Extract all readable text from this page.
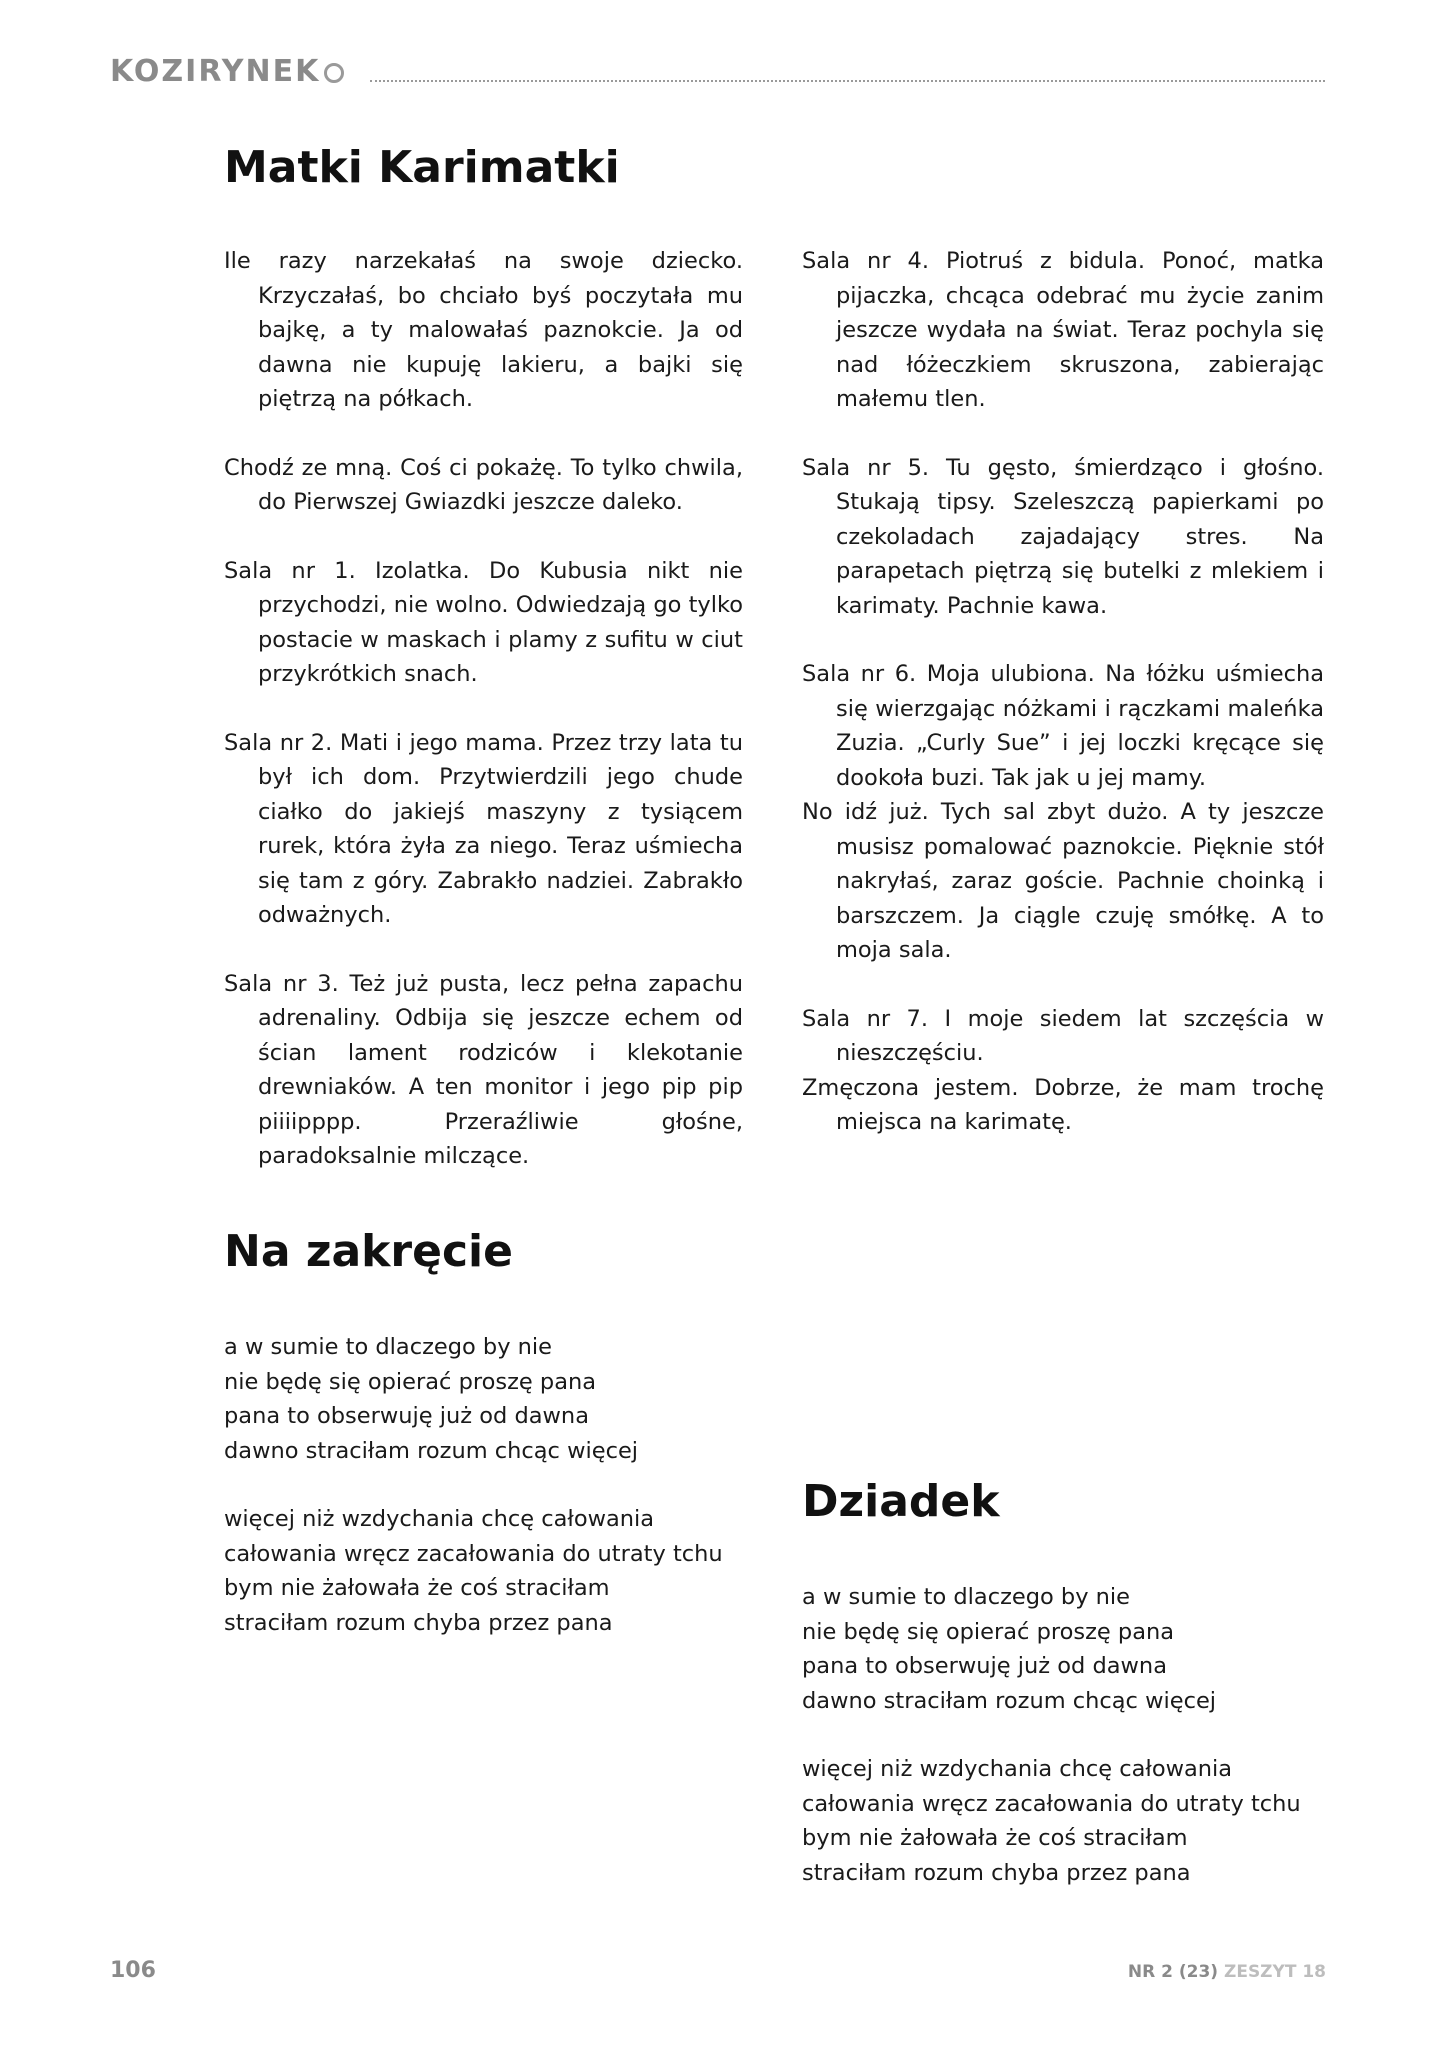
KOZIRYNEK
Matki Karimatki

Ile razy narzekałaś na swoje dziecko. Krzyczałaś, bo chciało byś poczytała mu bajkę, a ty malowałaś paznokcie. Ja od dawna nie kupuję lakieru, a bajki się piętrzą na półkach.

Chodź ze mną. Coś ci pokażę. To tylko chwila, do Pierwszej Gwiazdki jeszcze daleko.

Sala nr 1. Izolatka. Do Kubusia nikt nie przychodzi, nie wolno. Odwiedzają go tylko postacie w maskach i plamy z sufitu w ciut przykrótkich snach.

Sala nr 2. Mati i jego mama. Przez trzy lata tu był ich dom. Przytwierdzili jego chude ciałko do jakiejś maszyny z tysiącem rurek, która żyła za niego. Teraz uśmiecha się tam z góry. Zabrakło nadziei. Zabrakło odważnych.

Sala nr 3. Też już pusta, lecz pełna zapachu adrenaliny. Odbija się jeszcze echem od ścian lament rodziców i klekotanie drewniaków. A ten monitor i jego pip pip piiiipppp. Przeraźliwie głośne, paradoksalnie milczące.

Sala nr 4. Piotruś z bidula. Ponoć, matka pijaczka, chcąca odebrać mu życie zanim jeszcze wydała na świat. Teraz pochyla się nad łóżeczkiem skruszona, zabierając małemu tlen.

Sala nr 5. Tu gęsto, śmierdząco i głośno. Stukają tipsy. Szeleszczą papierkami po czekoladach zajadający stres. Na parapetach piętrzą się butelki z mlekiem i karimaty. Pachnie kawa.

Sala nr 6. Moja ulubiona. Na łóżku uśmiecha się wierzgając nóżkami i rączkami maleńka Zuzia. „Curly Sue” i jej loczki kręcące się dookoła buzi. Tak jak u jej mamy.

No idź już. Tych sal zbyt dużo. A ty jeszcze musisz pomalować paznokcie. Pięknie stół nakryłaś, zaraz goście. Pachnie choinką i barszczem. Ja ciągle czuję smółkę. A to moja sala.

Sala nr 7. I moje siedem lat szczęścia w nieszczęściu.

Zmęczona jestem. Dobrze, że mam trochę miejsca na karimatę.

Na zakręcie
a w sumie to dlaczego by nie
nie będę się opierać proszę pana
pana to obserwuję już od dawna
dawno straciłam rozum chcąc więcej
więcej niż wzdychania chcę całowania
całowania wręcz zacałowania do utraty tchu
bym nie żałowała że coś straciłam
straciłam rozum chyba przez pana
Dziadek
a w sumie to dlaczego by nie
nie będę się opierać proszę pana
pana to obserwuję już od dawna
dawno straciłam rozum chcąc więcej
więcej niż wzdychania chcę całowania
całowania wręcz zacałowania do utraty tchu
bym nie żałowała że coś straciłam
straciłam rozum chyba przez pana
106	NR 2 (23) ZESZYT 18
